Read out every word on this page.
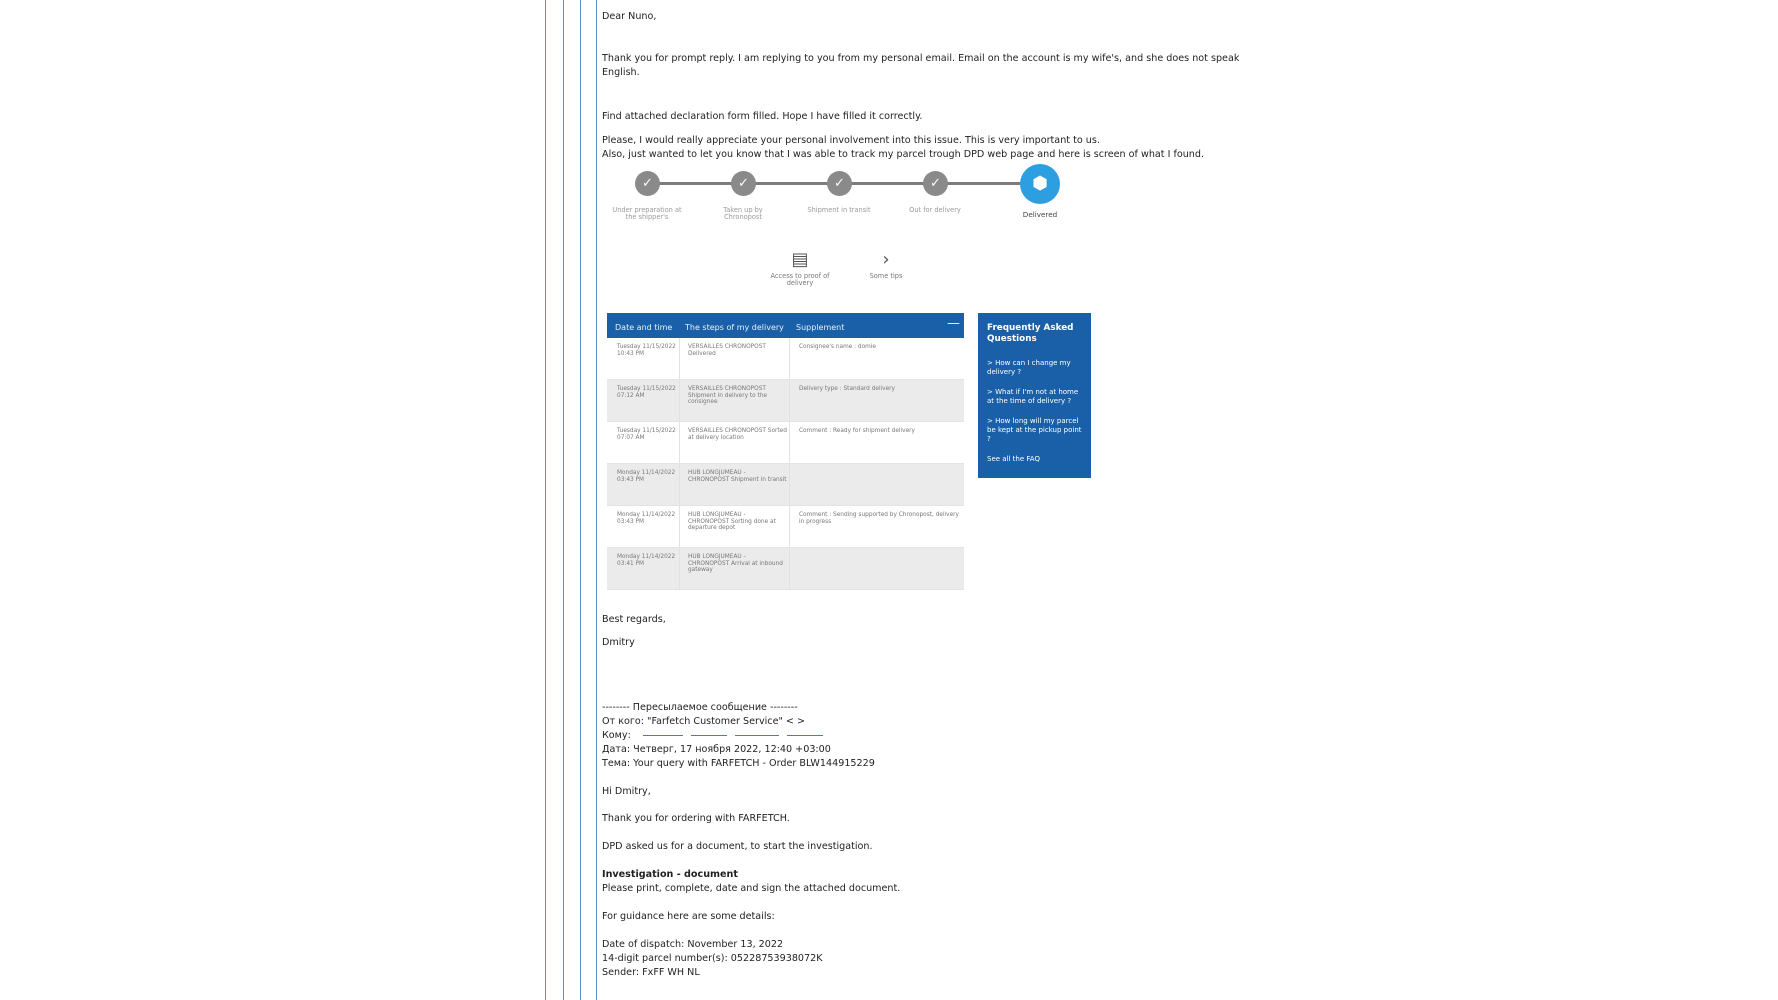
Dear Nuno,
Thank you for prompt reply. I am replying to you from my personal email. Email on the account is my wife's, and she does not speak
English.
Find attached declaration form filled. Hope I have filled it correctly.
Please, I would really appreciate your personal involvement into this issue. This is very important to us.
Also, just wanted to let you know that I was able to track my parcel trough DPD web page and here is screen of what I found.
✓
Under preparation at the shipper's
✓
Taken up by Chronopost
✓
Shipment in transit
✓
Out for delivery
⬢
Delivered
▤
Access to proof of delivery
›
Some tips
Date and time The steps of my delivery Supplement	—
Tuesday 11/15/2022 10:43 PM
VERSAILLES CHRONOPOST Delivered
Consignee's name : domie
Tuesday 11/15/2022 07:12 AM
VERSAILLES CHRONOPOST Shipment in delivery to the consignee
Delivery type : Standard delivery
Tuesday 11/15/2022 07:07 AM
VERSAILLES CHRONOPOST Sorted at delivery location
Comment : Ready for shipment delivery
Monday 11/14/2022 03:43 PM
HUB LONGJUMEAU - CHRONOPOST Shipment in transit
Monday 11/14/2022 03:43 PM
HUB LONGJUMEAU - CHRONOPOST Sorting done at departure depot
Comment : Sending supported by Chronopost, delivery in progress
Monday 11/14/2022 03:41 PM
HUB LONGJUMEAU - CHRONOPOST Arrival at inbound gateway
Frequently Asked Questions
> How can I change my delivery ?
> What if I'm not at home at the time of delivery ?
> How long will my parcel be kept at the pickup point ?
See all the FAQ
Best regards,
Dmitry
-------- Пересылаемое сообщение --------
От кого: "Farfetch Customer Service" < >
Кому:
Дата: Четверг, 17 ноября 2022, 12:40 +03:00
Тема: Your query with FARFETCH - Order BLW144915229
Hi Dmitry,
Thank you for ordering with FARFETCH.
DPD asked us for a document, to start the investigation.
Investigation - document
Please print, complete, date and sign the attached document.
For guidance here are some details:
Date of dispatch: November 13, 2022
14-digit parcel number(s): 05228753938072K
Sender: FxFF WH NL
